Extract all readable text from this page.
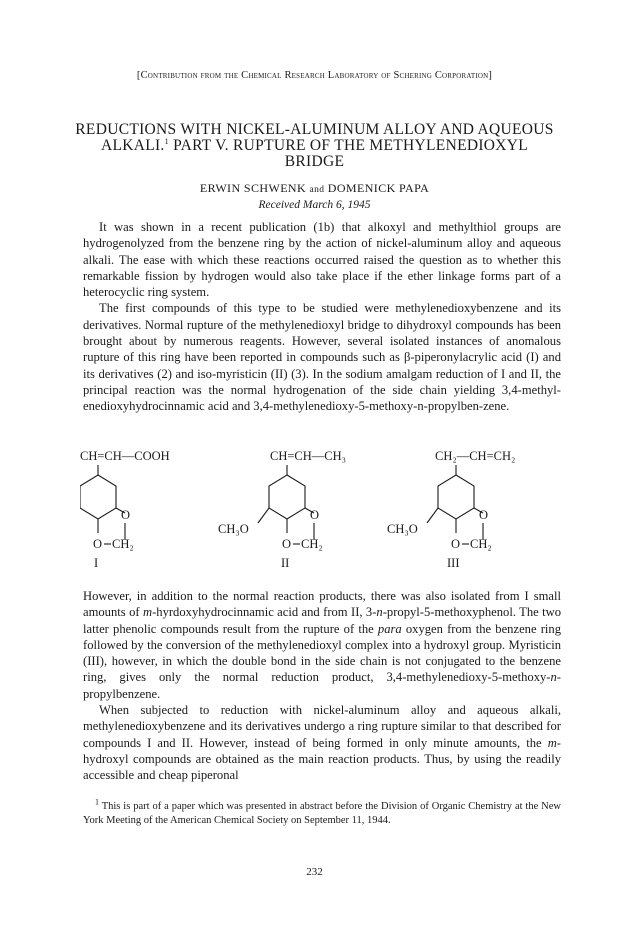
[Contribution from the Chemical Research Laboratory of Schering Corporation]
REDUCTIONS WITH NICKEL-ALUMINUM ALLOY AND AQUEOUS
ALKALI.$^1$ PART V. RUPTURE OF THE METHYLENEDIOXYL
BRIDGE
ERWIN SCHWENK and DOMENICK PAPA
Received March 6, 1945

It was shown in a recent publication (1b) that alkoxyl and methylthiol groups are hydrogenolyzed from the benzene ring by the action of nickel-aluminum alloy and aqueous alkali. The ease with which these reactions occurred raised the question as to whether this remarkable fission by hydrogen would also take place if the ether linkage forms part of a heterocyclic ring system.

The first compounds of this type to be studied were methylenedioxybenzene and its derivatives. Normal rupture of the methylenedioxyl bridge to dihydroxyl compounds has been brought about by numerous reagents. However, several isolated instances of anomalous rupture of this ring have been reported in compounds such as β-piperonylacrylic acid (I) and its derivatives (2) and iso-myristicin (II) (3). In the sodium amalgam reduction of I and II, the principal reaction was the normal hydrogenation of the side chain yielding 3,4-methyl-enedioxyhydrocinnamic acid and 3,4-methylenedioxy-5-methoxy-n-propylben-zene.

CH=CH—COOH
O
O CH₂
I
CH=CH—CH₃
O
O CH₂
CH₃O
II
CH₂—CH=CH₂
O
O CH₂
CH₃O
III

However, in addition to the normal reaction products, there was also isolated from I small amounts of m-hyrdoxyhydrocinnamic acid and from II, 3-n-propyl-5-methoxyphenol. The two latter phenolic compounds result from the rupture of the para oxygen from the benzene ring followed by the conversion of the methylenedioxyl complex into a hydroxyl group. Myristicin (III), however, in which the double bond in the side chain is not conjugated to the benzene ring, gives only the normal reduction product, 3,4-methylenedioxy-5-methoxy-n-propylbenzene.

When subjected to reduction with nickel-aluminum alloy and aqueous alkali, methylenedioxybenzene and its derivatives undergo a ring rupture similar to that described for compounds I and II. However, instead of being formed in only minute amounts, the m-hydroxyl compounds are obtained as the main reaction products. Thus, by using the readily accessible and cheap piperonal

$^1$ This is part of a paper which was presented in abstract before the Division of Organic Chemistry at the New York Meeting of the American Chemical Society on September 11, 1944.

232
